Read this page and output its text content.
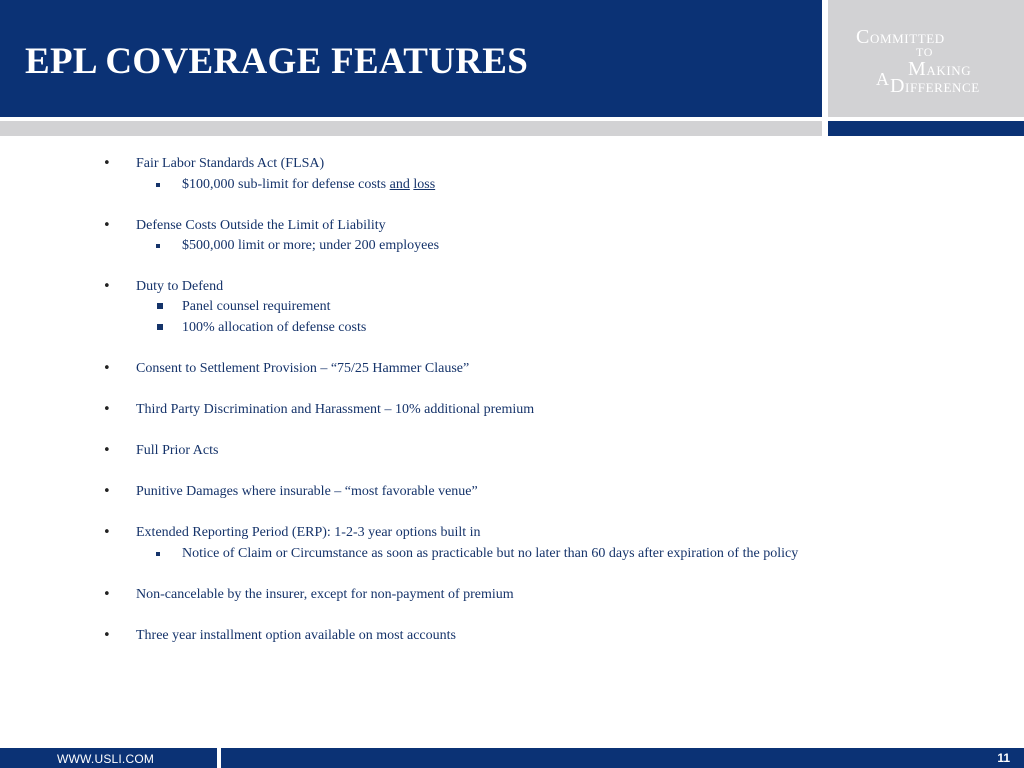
EPL COVERAGE FEATURES
COMMITTED
TO
MAKING
A DIFFERENCE
• Fair Labor Standards Act (FLSA)
$100,000 sub-limit for defense costs and loss
• Defense Costs Outside the Limit of Liability
$500,000 limit or more; under 200 employees
• Duty to Defend
Panel counsel requirement
100% allocation of defense costs
• Consent to Settlement Provision – “75/25 Hammer Clause”
• Third Party Discrimination and Harassment – 10% additional premium
• Full Prior Acts
• Punitive Damages where insurable – “most favorable venue”
• Extended Reporting Period (ERP): 1-2-3 year options built in
Notice of Claim or Circumstance as soon as practicable but no later than 60 days after expiration of the policy
• Non-cancelable by the insurer, except for non-payment of premium
• Three year installment option available on most accounts
WWW.USLI.COM	11
